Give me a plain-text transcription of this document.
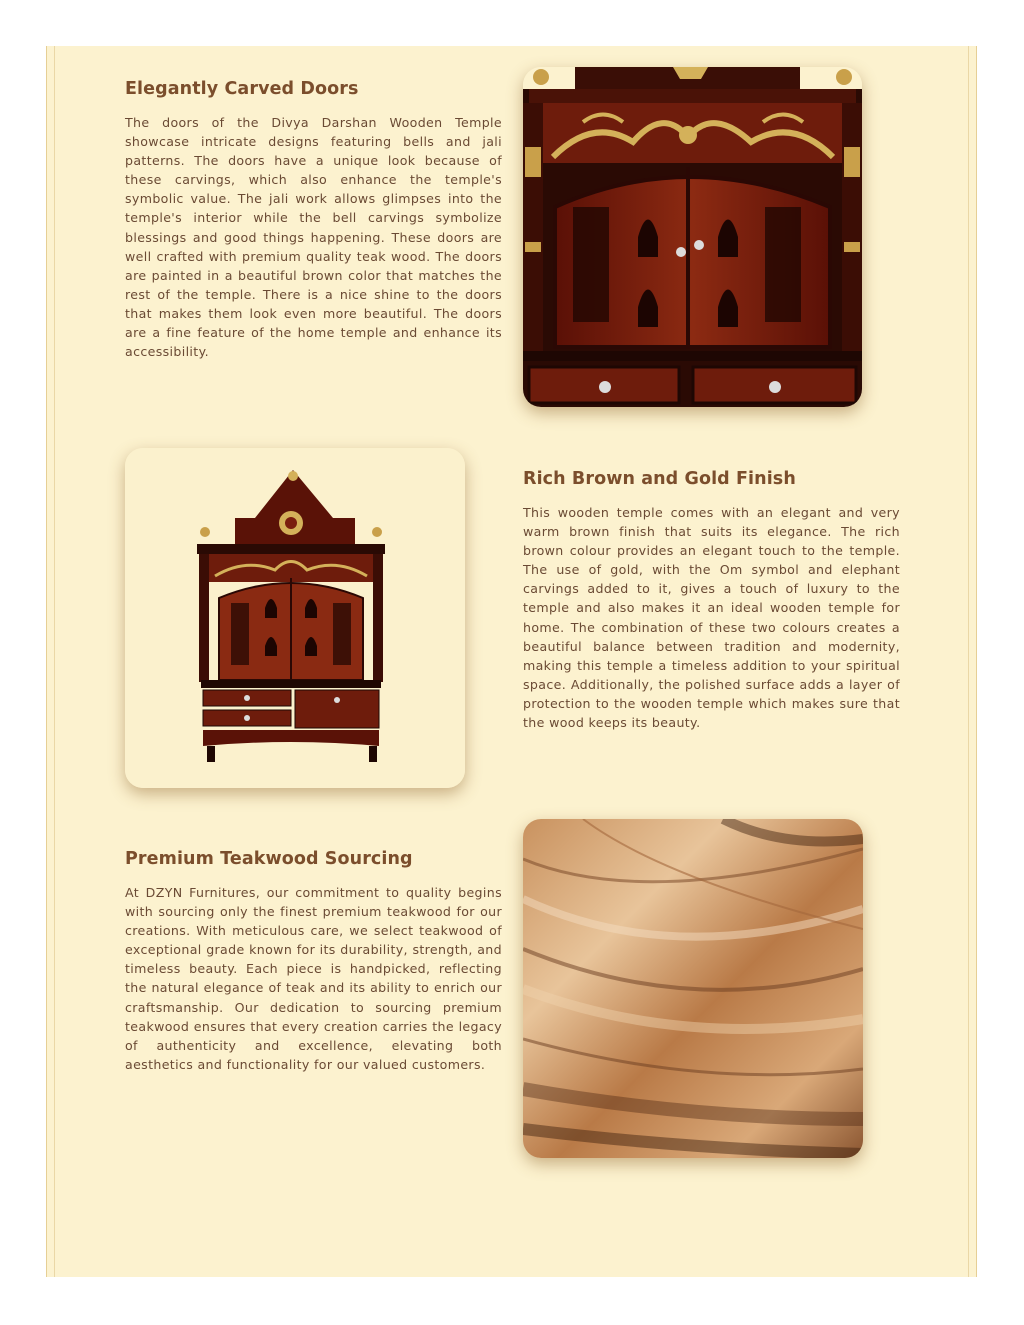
Elegantly Carved Doors

The doors of the Divya Darshan Wooden Temple showcase intricate designs featuring bells and jali patterns. The doors have a unique look because of these carvings, which also enhance the temple's symbolic value. The jali work allows glimpses into the temple's interior while the bell carvings symbolize blessings and good things happening. These doors are well crafted with premium quality teak wood. The doors are painted in a beautiful brown color that matches the rest of the temple. There is a nice shine to the doors that makes them look even more beautiful. The doors are a fine feature of the home temple and enhance its accessibility.

Rich Brown and Gold Finish

This wooden temple comes with an elegant and very warm brown finish that suits its elegance. The rich brown colour provides an elegant touch to the temple. The use of gold, with the Om symbol and elephant carvings added to it, gives a touch of luxury to the temple and also makes it an ideal wooden temple for home. The combination of these two colours creates a beautiful balance between tradition and modernity, making this temple a timeless addition to your spiritual space. Additionally, the polished surface adds a layer of protection to the wooden temple which makes sure that the wood keeps its beauty.

Premium Teakwood Sourcing

At DZYN Furnitures, our commitment to quality begins with sourcing only the finest premium teakwood for our creations. With meticulous care, we select teakwood of exceptional grade known for its durability, strength, and timeless beauty. Each piece is handpicked, reflecting the natural elegance of teak and its ability to enrich our craftsmanship. Our dedication to sourcing premium teakwood ensures that every creation carries the legacy of authenticity and excellence, elevating both aesthetics and functionality for our valued customers.
